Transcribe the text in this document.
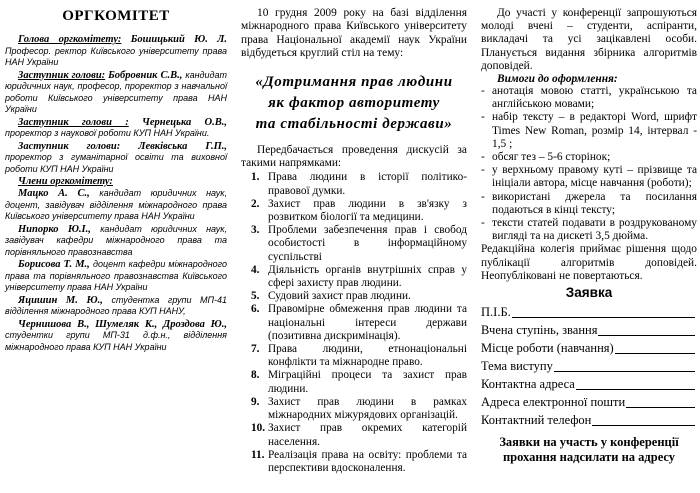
ОРГКОМІТЕТ

Голова оргкомітету: Бошицький Ю. Л. Професор. ректор Київського університету права НАН України

Заступник голови: Бобровник С.В., кандидат юридичних наук, професор, проректор з навчальної роботи Київського університету права НАН України

Заступник голови : Чернецька О.В., проректор з наукової роботи КУП НАН України.

Заступник голови: Левківська Г.П., проректор з гуманітарної освіти та виховної роботи КУП НАН України

Члени оргкомітету:

Мацко А. С., кандидат юридичних наук, доцент, завідувач відділення міжнародного права Київського університету права НАН України

Нипорко Ю.І., кандидат юридичних наук, завідувач кафедри міжнародного права та порівняльного правознавства

Борисова Т. М., доцент кафедри міжнародного права та порівняльного правознавства Київського університету права НАН України

Яцишин М. Ю., студентка групи МП-41 відділення міжнародного права КУП НАНУ,

Чернишова В., Шумеляк К., Дроздова Ю., студентки групи МП-31 д.ф.н., відділення міжнародного права КУП НАН України

10 грудня 2009 року на базі відділення міжнародного права Київського університету права Національної академії наук України відбудеться круглий стіл на тему:

«Дотримання прав людини
як фактор авторитету
та стабільності держави»

Передбачається проведення дискусій за такими напрямками:

1. Права людини в історії політико-правової думки.
2. Захист прав людини в зв'язку з розвитком біології та медицини.
3. Проблеми забезпечення прав і свобод особистості в інформаційному суспільстві
4. Діяльність органів внутрішніх справ у сфері захисту прав людини.
5. Судовий захист прав людини.
6. Правомірне обмеження прав людини та національні інтереси держави (позитивна дискримінація).
7. Права людини, етнонаціональні конфлікти та міжнародне право.
8. Міграційні процеси та захист прав людини.
9. Захист прав людини в рамках міжнародних міжурядових організацій.
10. Захист прав окремих категорій населення.
11. Реалізація права на освіту: проблеми та перспективи вдосконалення.

До участі у конференції запрошуються молоді вчені – студенти, аспіранти, викладачі та усі зацікавлені особи. Планується видання збірника алгоритмів доповідей.

Вимоги до оформлення:
- анотація мовою статті, українською та англійською мовами;
- набір тексту – в редакторі Word, шрифт Times New Roman, розмір 14, інтервал - 1,5 ;
- обсяг тез – 5-6 сторінок;
- у верхньому правому куті – прізвище та ініціали автора, місце навчання (роботи);
- використані джерела та посилання подаються в кінці тексту;
- тексти статей подавати в роздрукованому вигляді та на дискеті 3,5 дюйма.

Редакційна колегія приймає рішення щодо публікації алгоритмів доповідей. Неопубліковані не повертаються.

Заявка
П.І.Б.
Вчена ступінь, звання
Місце роботи (навчання)
Тема виступу
Контактна адреса
Адреса електронної пошти
Контактний телефон
Заявки на участь у конференції
прохання надсилати на адресу
